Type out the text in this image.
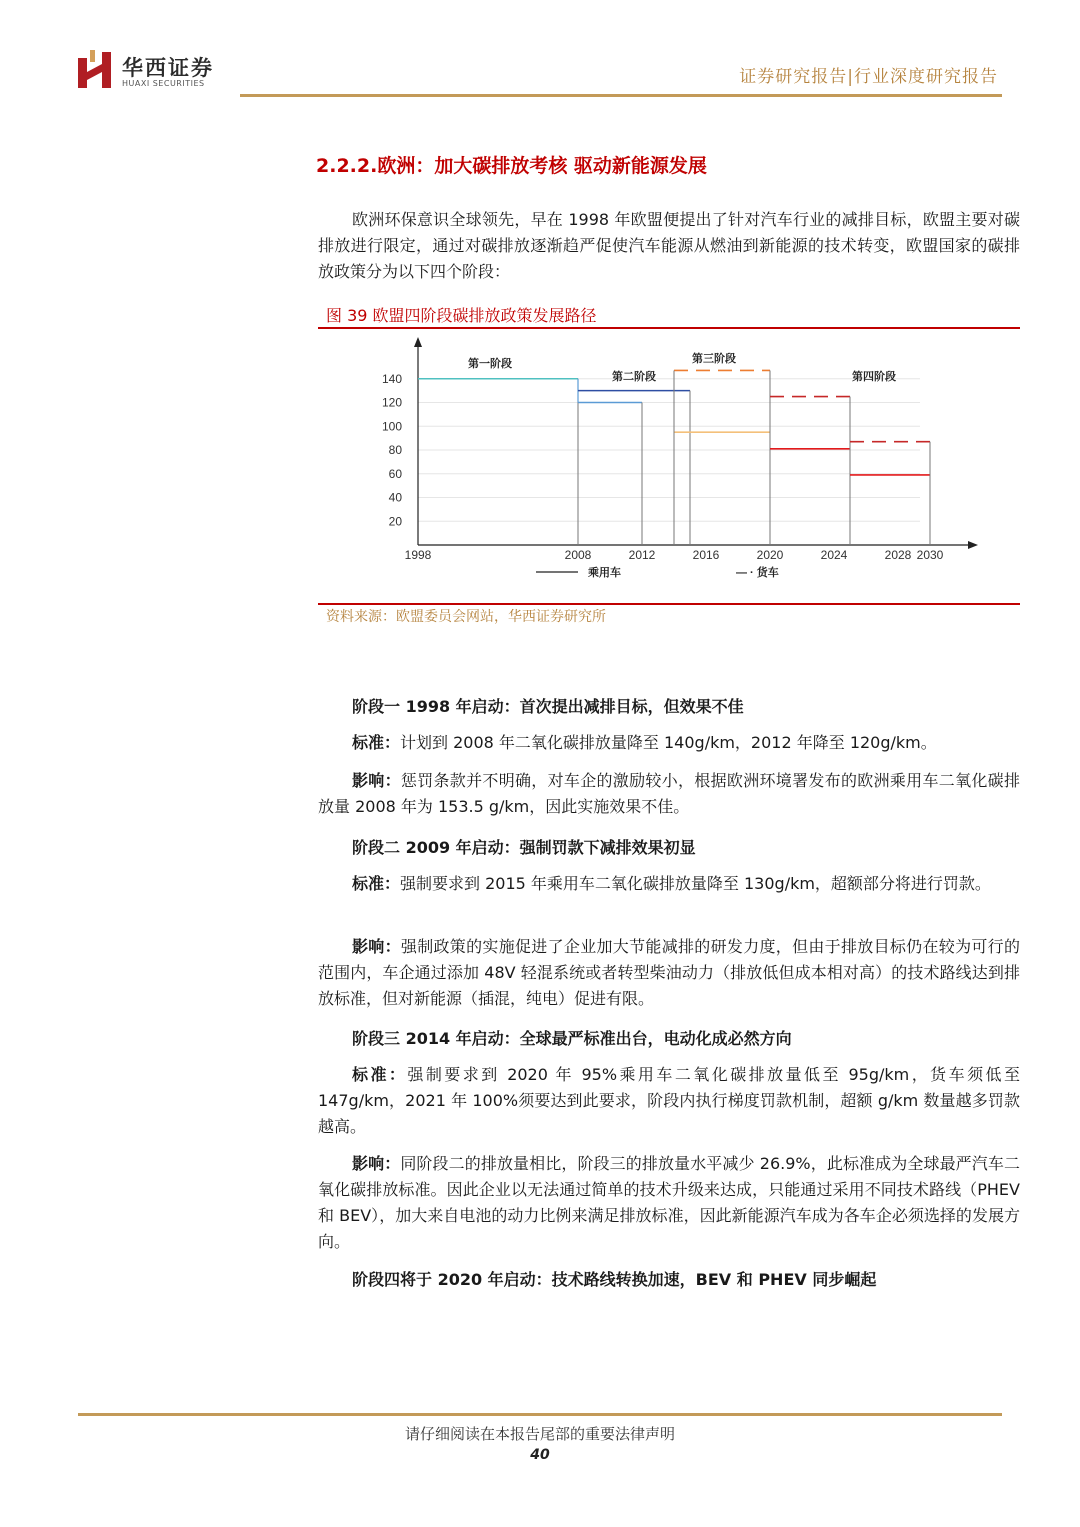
华西证券
HUAXI SECURITIES	证券研究报告|行业深度研究报告
2.2.2.欧洲：加大碳排放考核 驱动新能源发展
欧洲环保意识全球领先，早在 1998 年欧盟便提出了针对汽车行业的减排目标，欧盟主要对碳排放进行限定，通过对碳排放逐渐趋严促使汽车能源从燃油到新能源的技术转变，欧盟国家的碳排放政策分为以下四个阶段：
图 39 欧盟四阶段碳排放政策发展路径
20
40
60
80
100
120
140
1998	2008	2012	2016	2020	2024	2028 2030
第一阶段
第二阶段
第三阶段
第四阶段
乘用车	— · 货车
资料来源：欧盟委员会网站，华西证券研究所
阶段一 1998 年启动：首次提出减排目标，但效果不佳
标准：计划到 2008 年二氧化碳排放量降至 140g/km，2012 年降至 120g/km。
影响：惩罚条款并不明确，对车企的激励较小，根据欧洲环境署发布的欧洲乘用车二氧化碳排放量 2008 年为 153.5 g/km，因此实施效果不佳。
阶段二 2009 年启动：强制罚款下减排效果初显
标准：强制要求到 2015 年乘用车二氧化碳排放量降至 130g/km，超额部分将进行罚款。
影响：强制政策的实施促进了企业加大节能减排的研发力度，但由于排放目标仍在较为可行的范围内，车企通过添加 48V 轻混系统或者转型柴油动力（排放低但成本相对高）的技术路线达到排放标准，但对新能源（插混，纯电）促进有限。
阶段三 2014 年启动：全球最严标准出台，电动化成必然方向
标准：强制要求到 2020 年 95%乘用车二氧化碳排放量低至 95g/km，货车须低至 147g/km，2021 年 100%须要达到此要求，阶段内执行梯度罚款机制，超额 g/km 数量越多罚款越高。
影响：同阶段二的排放量相比，阶段三的排放量水平减少 26.9%，此标准成为全球最严汽车二氧化碳排放标准。因此企业以无法通过简单的技术升级来达成，只能通过采用不同技术路线（PHEV 和 BEV），加大来自电池的动力比例来满足排放标准，因此新能源汽车成为各车企必须选择的发展方向。
阶段四将于 2020 年启动：技术路线转换加速，BEV 和 PHEV 同步崛起
请仔细阅读在本报告尾部的重要法律声明
40
